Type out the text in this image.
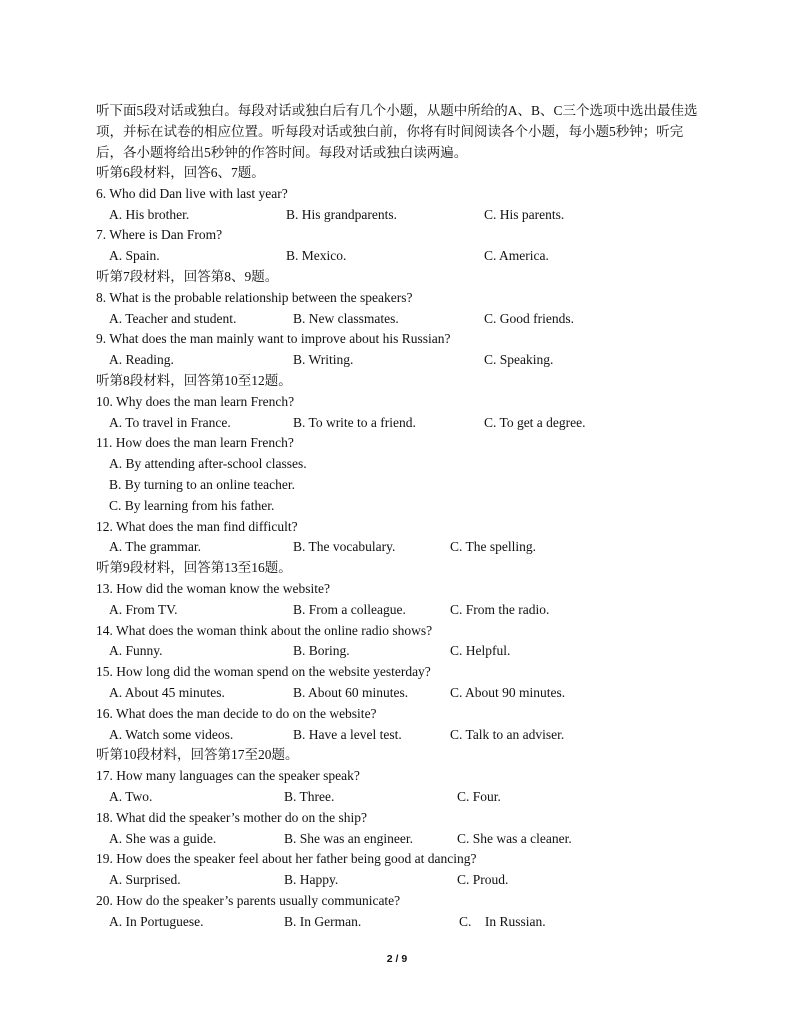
听下面5段对话或独白。每段对话或独白后有几个小题，从题中所给的A、B、C三个选项中选出最佳选项，并标在试卷的相应位置。听每段对话或独白前，你将有时间阅读各个小题，每小题5秒钟；听完后，各小题将给出5秒钟的作答时间。每段对话或独白读两遍。

听第6段材料，回答6、7题。
6. Who did Dan live with last year?
A. His brother.	B. His grandparents.	C. His parents.
7. Where is Dan From?
A. Spain.	B. Mexico.	C. America.
听第7段材料，回答第8、9题。
8. What is the probable relationship between the speakers?
A. Teacher and student.	B. New classmates.	C. Good friends.
9. What does the man mainly want to improve about his Russian?
A. Reading.	B. Writing.	C. Speaking.
听第8段材料，回答第10至12题。
10. Why does the man learn French?
A. To travel in France.	B. To write to a friend.	C. To get a degree.
11. How does the man learn French?
A. By attending after-school classes.
B. By turning to an online teacher.
C. By learning from his father.
12. What does the man find difficult?
A. The grammar.	B. The vocabulary.	C. The spelling.
听第9段材料，回答第13至16题。
13. How did the woman know the website?
A. From TV.	B. From a colleague.	C. From the radio.
14. What does the woman think about the online radio shows?
A. Funny.	B. Boring.	C. Helpful.
15. How long did the woman spend on the website yesterday?
A. About 45 minutes.	B. About 60 minutes.	C. About 90 minutes.
16. What does the man decide to do on the website?
A. Watch some videos.	B. Have a level test.	C. Talk to an adviser.
听第10段材料，回答第17至20题。
17. How many languages can the speaker speak?
A. Two.	B. Three.	C. Four.
18. What did the speaker’s mother do on the ship?
A. She was a guide.	B. She was an engineer.	C. She was a cleaner.
19. How does the speaker feel about her father being good at dancing?
A. Surprised.	B. Happy.	C. Proud.
20. How do the speaker’s parents usually communicate?
A. In Portuguese.	B. In German.	C.    In Russian.
2 / 9
